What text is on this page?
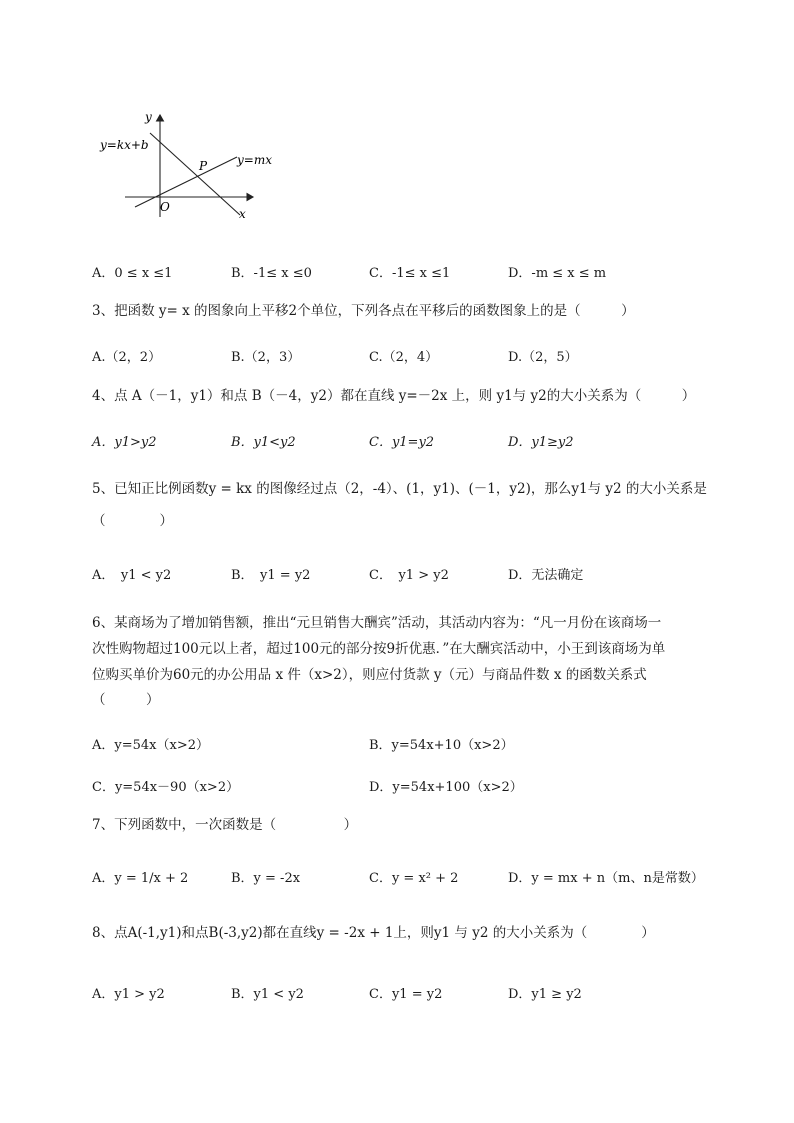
y
x
O
P
y=kx+b
y=mx
A．0 ≤ x ≤1	B．-1≤ x ≤0	C．-1≤ x ≤1	D．-m ≤ x ≤ m
3、把函数 y= x 的图象向上平移2个单位，下列各点在平移后的函数图象上的是（　　　）
A.（2，2）	B.（2，3）	C.（2，4）	D.（2，5）
4、点 A（－1，y1）和点 B（－4，y2）都在直线 y=－2x 上，则 y1与 y2的大小关系为（　　　）
A．y1>y2	B．y1<y2	C．y1=y2	D．y1≥y2
5、已知正比例函数y = kx 的图像经过点（2，-4）、(1，y1)、(－1，y2)，那么y1与 y2 的大小关系是
（　　　　）
A．　y1 < y2	B．　y1 = y2	C．　y1 > y2	D．无法确定
6、某商场为了增加销售额，推出“元旦销售大酬宾”活动，其活动内容为：“凡一月份在该商场一
次性购物超过100元以上者，超过100元的部分按9折优惠．”在大酬宾活动中，小王到该商场为单
位购买单价为60元的办公用品 x 件（x>2），则应付货款 y（元）与商品件数 x 的函数关系式
（　　　）
A．y=54x（x>2）	B．y=54x+10（x>2）
C．y=54x－90（x>2）	D．y=54x+100（x>2）
7、下列函数中，一次函数是（　　　　　）
A．y = 1/x + 2	B．y = -2x	C．y = x² + 2	D．y = mx + n（m、n是常数）
8、点A(-1,y1)和点B(-3,y2)都在直线y = -2x + 1上，则y1 与 y2 的大小关系为（　　　　）
A．y1 > y2	B．y1 < y2	C．y1 = y2	D．y1 ≥ y2
